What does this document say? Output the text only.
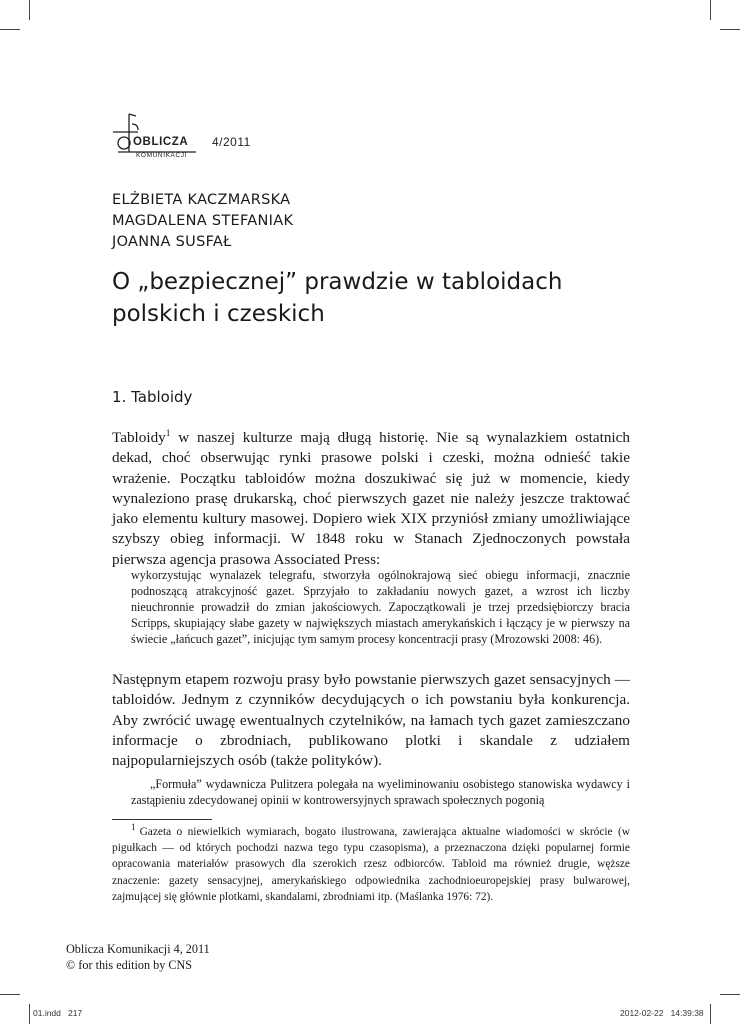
OBLICZA
KOMUNIKACJI
4/2011
ELŻBIETA KACZMARSKA
MAGDALENA STEFANIAK
JOANNA SUSFAŁ
O „bezpiecznej” prawdzie w tabloidach
polskich i czeskich
1. Tabloidy

Tabloidy$^1$ w naszej kulturze mają długą historię. Nie są wynalazkiem ostatnich dekad, choć obserwując rynki prasowe polski i czeski, można odnieść takie wrażenie. Początku tabloidów można doszukiwać się już w momencie, kiedy wynaleziono prasę drukarską, choć pierwszych gazet nie należy jeszcze traktować jako elementu kultury masowej. Dopiero wiek XIX przyniósł zmiany umożliwiające szybszy obieg informacji. W 1848 roku w Stanach Zjednoczonych powstała pierwsza agencja prasowa Associated Press:

wykorzystując wynalazek telegrafu, stworzyła ogólnokrajową sieć obiegu informacji, znacznie podnoszącą atrakcyjność gazet. Sprzyjało to zakładaniu nowych gazet, a wzrost ich liczby nieuchronnie prowadził do zmian jakościowych. Zapoczątkowali je trzej przedsiębiorczy bracia Scripps, skupiający słabe gazety w największych miastach amerykańskich i łączący je w pierwszy na świecie „łańcuch gazet”, inicjując tym samym procesy koncentracji prasy (Mrozowski 2008: 46).

Następnym etapem rozwoju prasy było powstanie pierwszych gazet sensacyjnych — tabloidów. Jednym z czynników decydujących o ich powstaniu była konkurencja. Aby zwrócić uwagę ewentualnych czytelników, na łamach tych gazet zamieszczano informacje o zbrodniach, publikowano plotki i skandale z udziałem najpopularniejszych osób (także polityków).

„Formuła” wydawnicza Pulitzera polegała na wyeliminowaniu osobistego stanowiska wydawcy i zastąpieniu zdecydowanej opinii w kontrowersyjnych sprawach społecznych pogonią

$^1$ Gazeta o niewielkich wymiarach, bogato ilustrowana, zawierająca aktualne wiadomości w skrócie (w pigułkach — od których pochodzi nazwa tego typu czasopisma), a przeznaczona dzięki popularnej formie opracowania materiałów prasowych dla szerokich rzesz odbiorców. Tabloid ma również drugie, węższe znaczenie: gazety sensacyjnej, amerykańskiego odpowiednika zachodnioeuropejskiej prasy bulwarowej, zajmującej się głównie plotkami, skandalami, zbrodniami itp. (Maślanka 1976: 72).

Oblicza Komunikacji 4, 2011
© for this edition by CNS
01.indd   217	2012-02-22   14:39:38
